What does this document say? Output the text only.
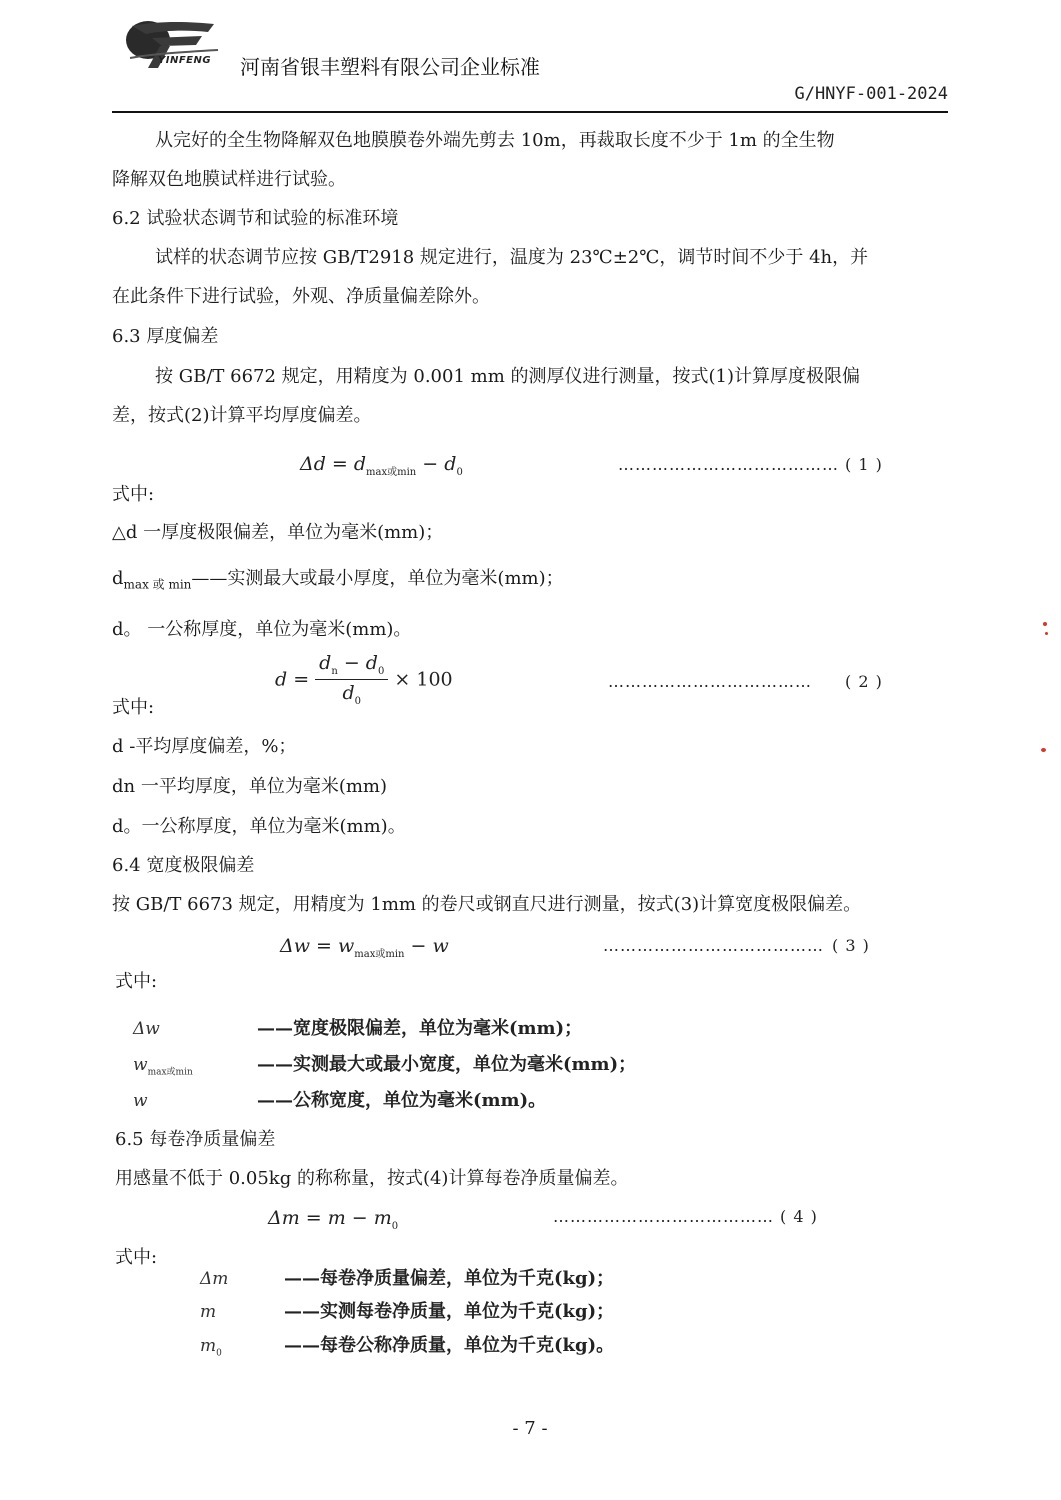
YINFENG 河南省银丰塑料有限公司企业标准
G/HNYF-001-2024
从完好的全生物降解双色地膜膜卷外端先剪去 10m，再裁取长度不少于 1m 的全生物
降解双色地膜试样进行试验。
6.2 试验状态调节和试验的标准环境
试样的状态调节应按 GB/T2918 规定进行，温度为 23℃±2℃，调节时间不少于 4h，并
在此条件下进行试验，外观、净质量偏差除外。
6.3 厚度偏差
按 GB/T 6672 规定，用精度为 0.001 mm 的测厚仪进行测量，按式(1)计算厚度极限偏
差，按式(2)计算平均厚度偏差。
$\Delta d = d_{max或min} - d_0$	………………………………… ( 1 )
式中:
△d 一厚度极限偏差，单位为毫米(mm)；
$d_{max 或 min}——$实测最大或最小厚度，单位为毫米(mm)；
d。 一公称厚度，单位为毫米(mm)。
$d = \frac{d_n - d_0}{d_0} \times 100$	……………………………… ( 2 )
式中:
d -平均厚度偏差，%；
dn 一平均厚度，单位为毫米(mm)
d。一公称厚度，单位为毫米(mm)。
6.4 宽度极限偏差
按 GB/T 6673 规定，用精度为 1mm 的卷尺或钢直尺进行测量，按式(3)计算宽度极限偏差。
$\Delta w = w_{max或min} - w$	………………………………… ( 3 )
式中:
Δw	——宽度极限偏差，单位为毫米(mm)；
$w_{max或min}$	——实测最大或最小宽度，单位为毫米(mm)；
w	——公称宽度，单位为毫米(mm)。
6.5 每卷净质量偏差
用感量不低于 0.05kg 的称称量，按式(4)计算每卷净质量偏差。
$\Delta m = m - m_0$
………………………………… ( 4 )
式中:
Δm	——每卷净质量偏差，单位为千克(kg)；
m	——实测每卷净质量，单位为千克(kg)；
$m_0$	——每卷公称净质量，单位为千克(kg)。
- 7 -
